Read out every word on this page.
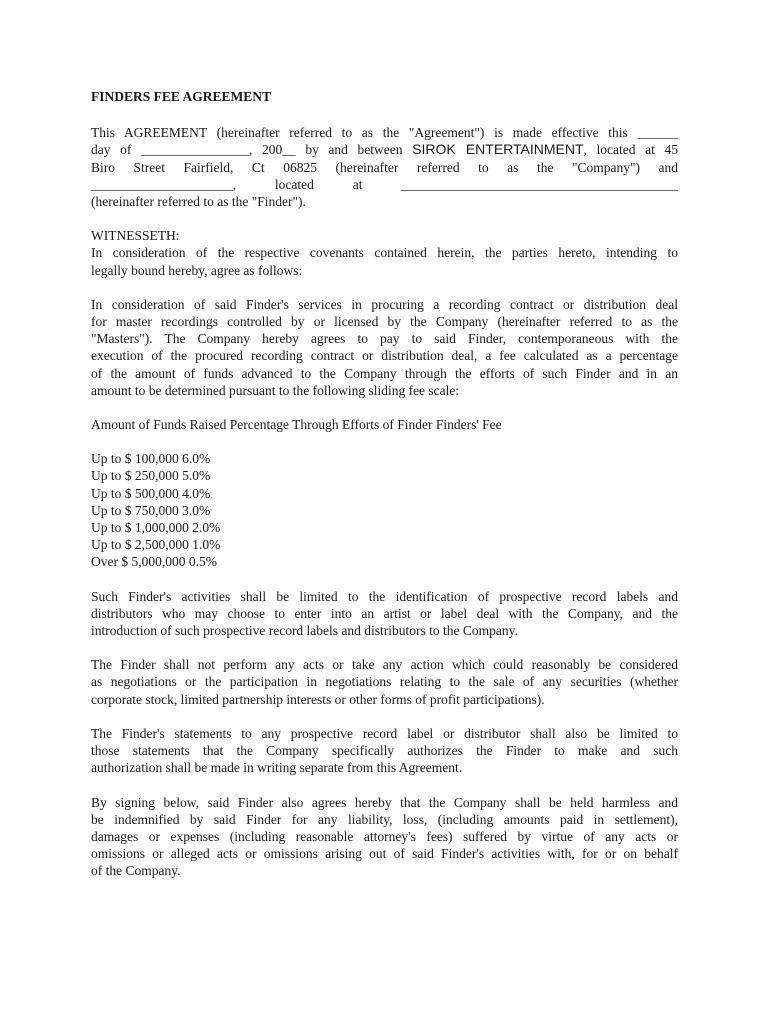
FINDERS FEE AGREEMENT

This AGREEMENT (hereinafter referred to as the "Agreement") is made effective this ______
day of ________________, 200__ by and between SIROK ENTERTAINMENT, located at 45
Biro Street Fairfield, Ct 06825 (hereinafter referred to as the "Company") and
_____________________, located at _________________________________________
(hereinafter referred to as the "Finder").

WITNESSETH:
In consideration of the respective covenants contained herein, the parties hereto, intending to
legally bound hereby, agree as follows:

In consideration of said Finder's services in procuring a recording contract or distribution deal
for master recordings controlled by or licensed by the Company (hereinafter referred to as the
"Masters"). The Company hereby agrees to pay to said Finder, contemporaneous with the
execution of the procured recording contract or distribution deal, a fee calculated as a percentage
of the amount of funds advanced to the Company through the efforts of such Finder and in an
amount to be determined pursuant to the following sliding fee scale:

Amount of Funds Raised Percentage Through Efforts of Finder Finders' Fee

Up to $ 100,000 6.0%
Up to $ 250,000 5.0%
Up to $ 500,000 4.0%
Up to $ 750,000 3.0%
Up to $ 1,000,000 2.0%
Up to $ 2,500,000 1.0%
Over $ 5,000,000 0.5%

Such Finder's activities shall be limited to the identification of prospective record labels and
distributors who may choose to enter into an artist or label deal with the Company, and the
introduction of such prospective record labels and distributors to the Company.

The Finder shall not perform any acts or take any action which could reasonably be considered
as negotiations or the participation in negotiations relating to the sale of any securities (whether
corporate stock, limited partnership interests or other forms of profit participations).

The Finder's statements to any prospective record label or distributor shall also be limited to
those statements that the Company specifically authorizes the Finder to make and such
authorization shall be made in writing separate from this Agreement.

By signing below, said Finder also agrees hereby that the Company shall be held harmless and
be indemnified by said Finder for any liability, loss, (including amounts paid in settlement),
damages or expenses (including reasonable attorney's fees) suffered by virtue of any acts or
omissions or alleged acts or omissions arising out of said Finder's activities with, for or on behalf
of the Company.
